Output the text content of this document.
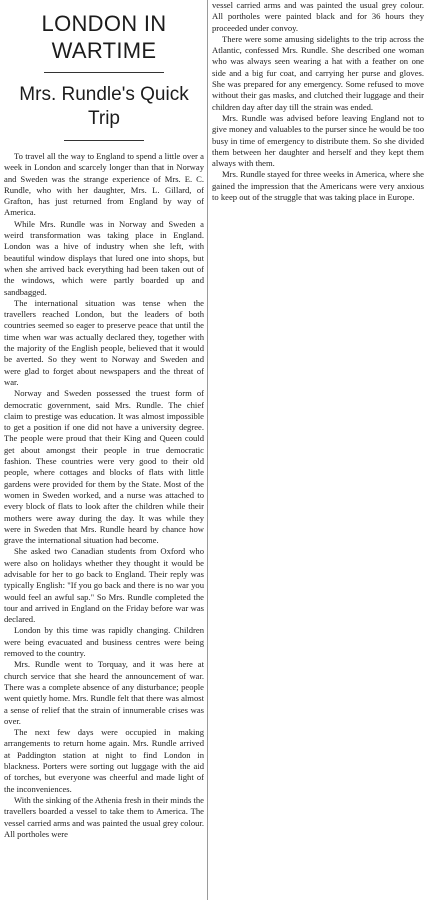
LONDON IN
WARTIME
Mrs. Rundle's Quick Trip

To travel all the way to England to spend a little over a week in London and scarcely longer than that in Norway and Sweden was the strange experience of Mrs. E. C. Rundle, who with her daughter, Mrs. L. Gillard, of Grafton, has just returned from England by way of America.

While Mrs. Rundle was in Norway and Sweden a weird transformation was taking place in England. London was a hive of industry when she left, with beautiful window displays that lured one into shops, but when she arrived back everything had been taken out of the windows, which were partly boarded up and sandbagged.

The international situation was tense when the travellers reached London, but the leaders of both countries seemed so eager to preserve peace that until the time when war was actually declared they, together with the majority of the English people, believed that it would be averted. So they went to Norway and Sweden and were glad to forget about newspapers and the threat of war.

Norway and Sweden possessed the truest form of democratic government, said Mrs. Rundle. The chief claim to prestige was education. It was almost impossible to get a position if one did not have a university degree. The people were proud that their King and Queen could get about amongst their people in true democratic fashion. These countries were very good to their old people, where cottages and blocks of flats with little gardens were provided for them by the State. Most of the women in Sweden worked, and a nurse was attached to every block of flats to look after the children while their mothers were away during the day. It was while they were in Sweden that Mrs. Rundle heard by chance how grave the international situation had become.

She asked two Canadian students from Oxford who were also on holidays whether they thought it would be advisable for her to go back to England. Their reply was typically English: "If you go back and there is no war you would feel an awful sap." So Mrs. Rundle completed the tour and arrived in England on the Friday before war was declared.

London by this time was rapidly changing. Children were being evacuated and business centres were being removed to the country.

Mrs. Rundle went to Torquay, and it was here at church service that she heard the announcement of war. There was a complete absence of any disturbance; people went quietly home. Mrs. Rundle felt that there was almost a sense of relief that the strain of innumerable crises was over.

The next few days were occupied in making arrangements to return home again. Mrs. Rundle arrived at Paddington station at night to find London in blackness. Porters were sorting out luggage with the aid of torches, but everyone was cheerful and made light of the inconveniences.

With the sinking of the Athenia fresh in their minds the travellers boarded a vessel to take them to America. The vessel carried arms and was painted the usual grey colour. All portholes were

vessel carried arms and was painted the usual grey colour. All portholes were painted black and for 36 hours they proceeded under convoy.

There were some amusing sidelights to the trip across the Atlantic, confessed Mrs. Rundle. She described one woman who was always seen wearing a hat with a feather on one side and a big fur coat, and carrying her purse and gloves. She was prepared for any emergency. Some refused to move without their gas masks, and clutched their luggage and their children day after day till the strain was ended.

Mrs. Rundle was advised before leaving England not to give money and valuables to the purser since he would be too busy in time of emergency to distribute them. So she divided them between her daughter and herself and they kept them always with them.

Mrs. Rundle stayed for three weeks in America, where she gained the impression that the Americans were very anxious to keep out of the struggle that was taking place in Europe.
